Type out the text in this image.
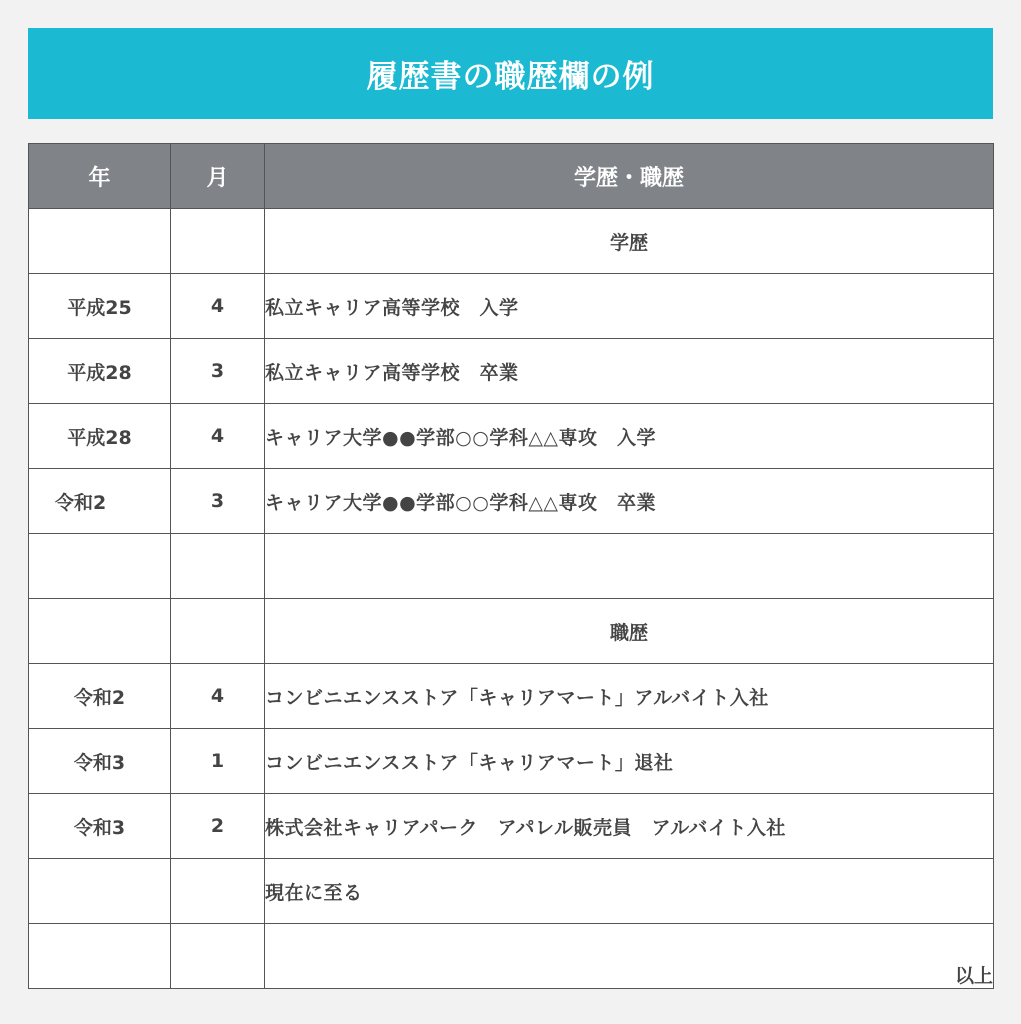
履歴書の職歴欄の例
年	月	学歴・職歴
		学歴
平成25	4	私立キャリア高等学校　入学
平成28	3	私立キャリア高等学校　卒業
平成28	4	キャリア大学●●学部○○学科△△専攻　入学
令和2	3	キャリア大学●●学部○○学科△△専攻　卒業

		職歴
令和2	4	コンビニエンスストア「キャリアマート」アルバイト入社
令和3	1	コンビニエンスストア「キャリアマート」退社
令和3	2	株式会社キャリアパーク　アパレル販売員　アルバイト入社
		現在に至る
		以上
